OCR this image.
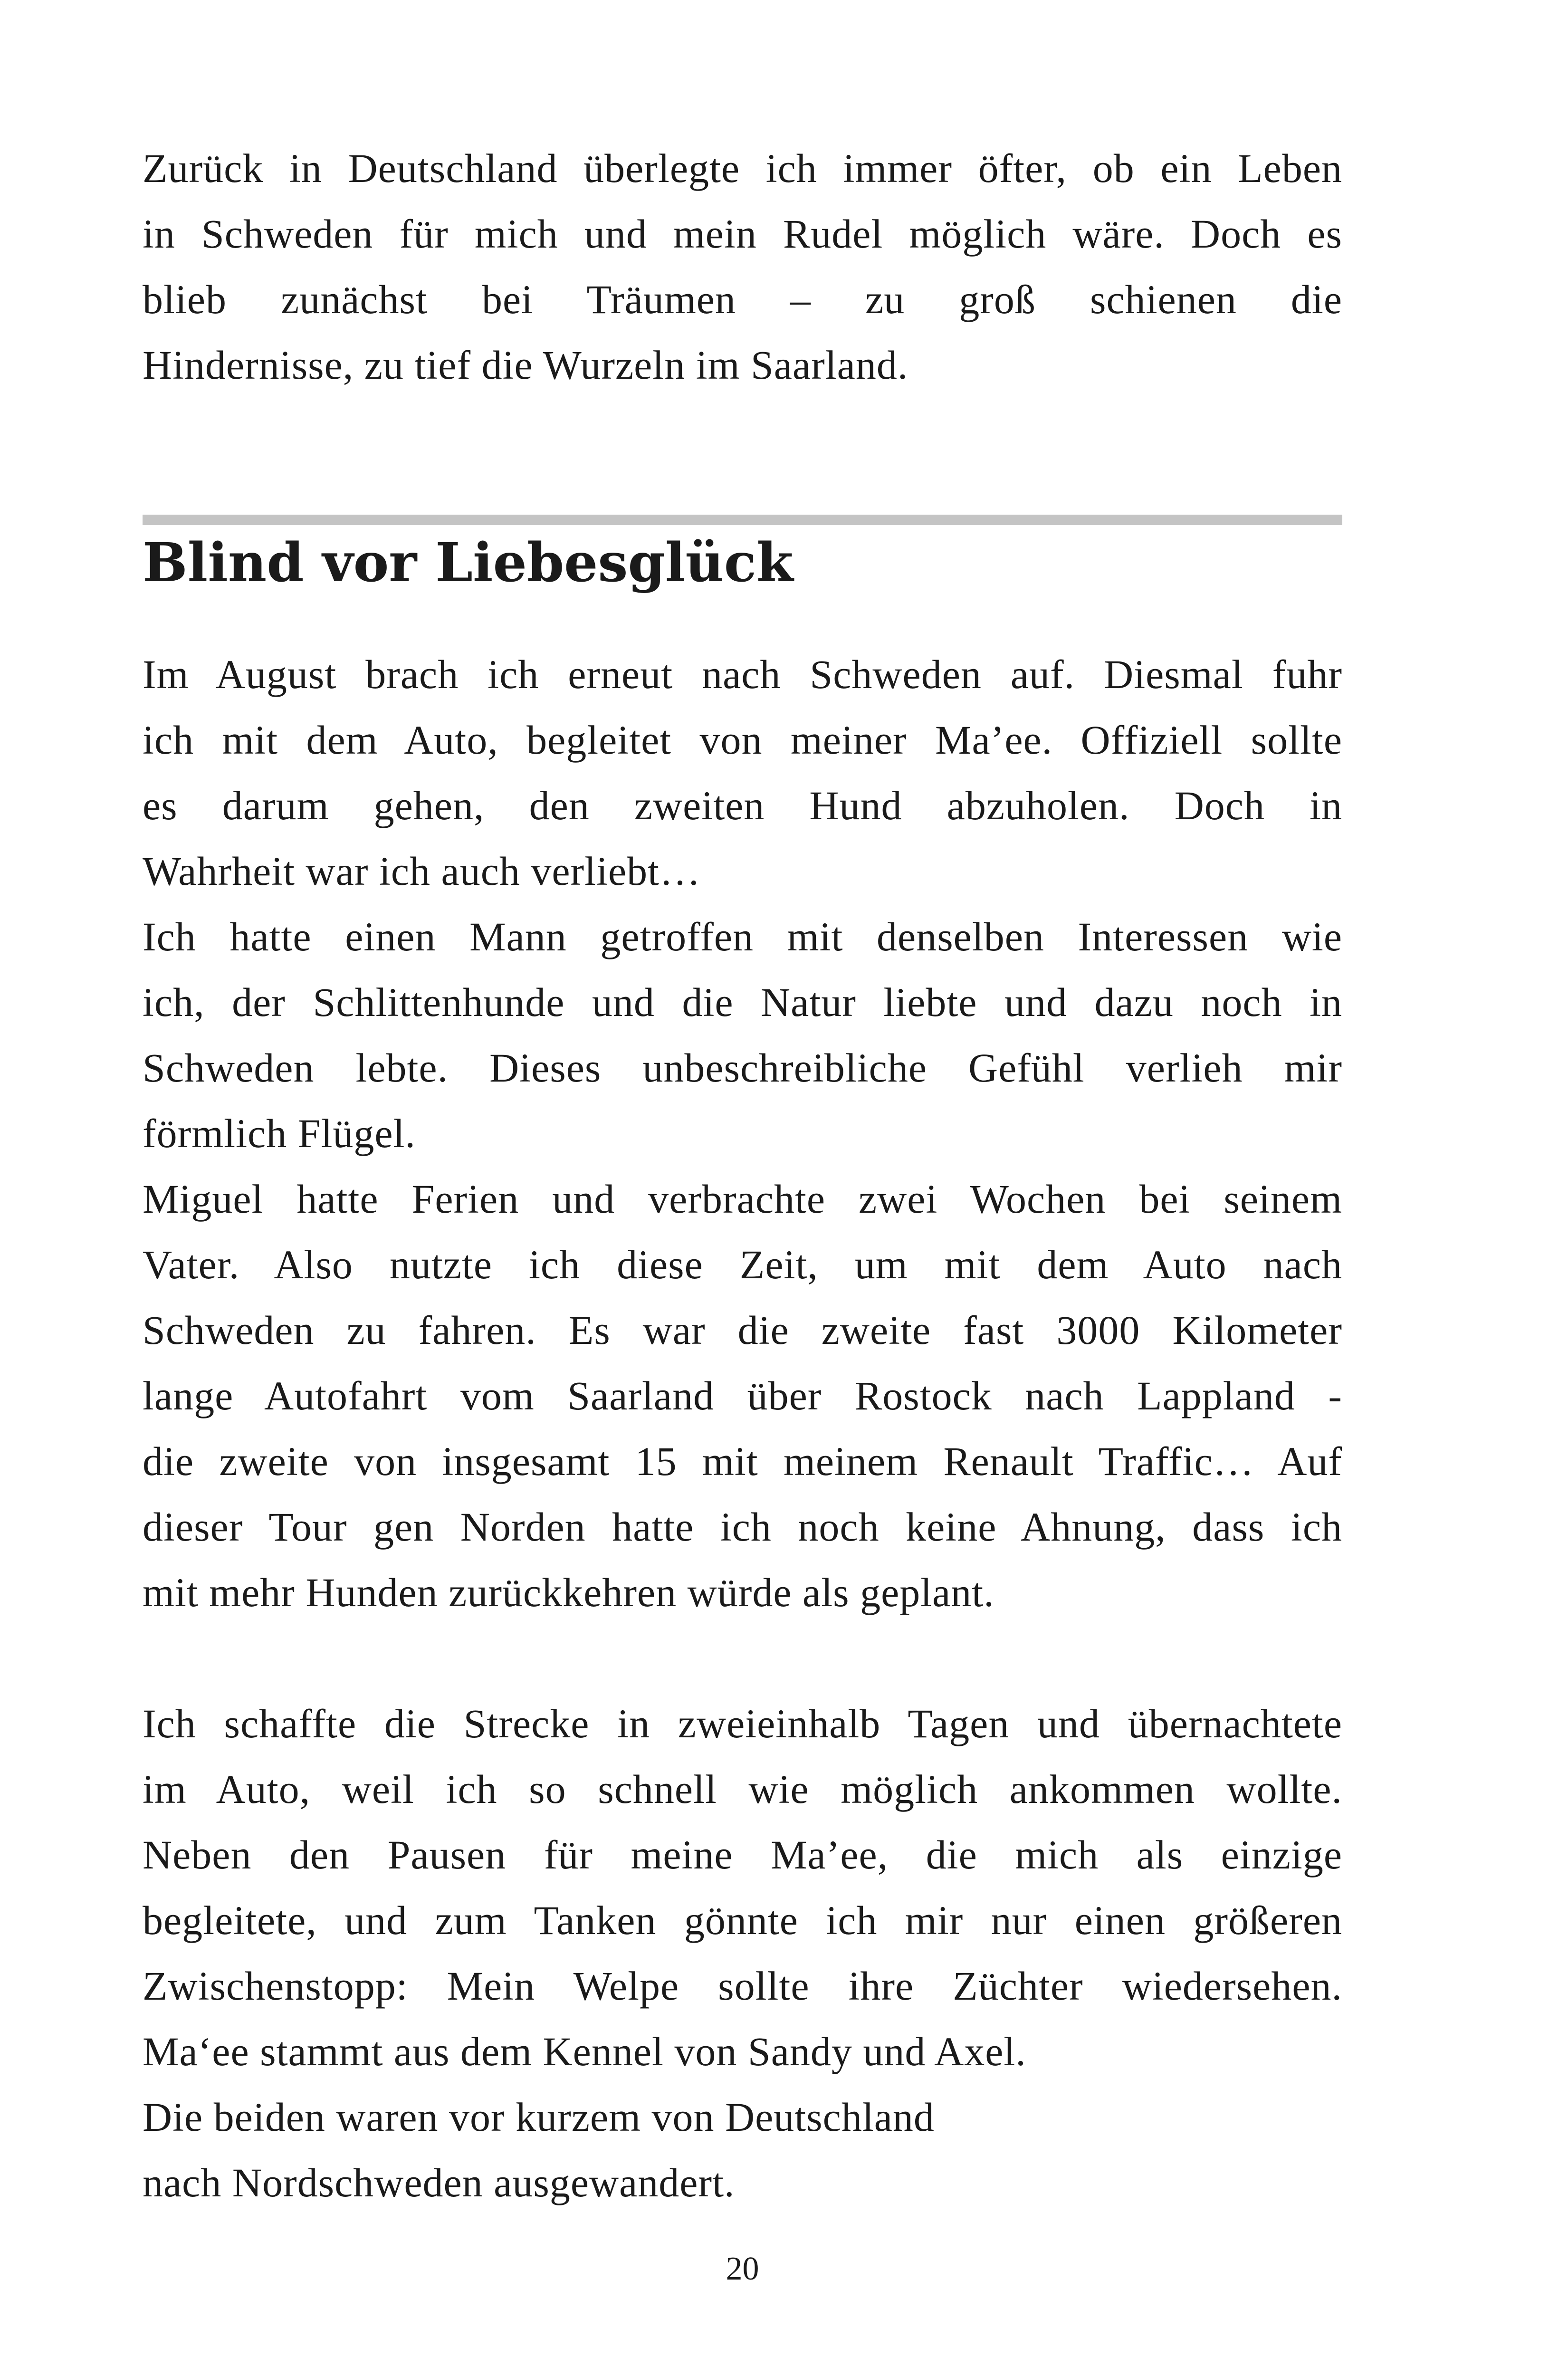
Zurück in Deutschland überlegte ich immer öfter, ob ein Leben
in Schweden für mich und mein Rudel möglich wäre. Doch es
blieb zunächst bei Träumen – zu groß schienen die
Hindernisse, zu tief die Wurzeln im Saarland.
Blind vor Liebesglück
Im August brach ich erneut nach Schweden auf. Diesmal fuhr
ich mit dem Auto, begleitet von meiner Ma’ee. Offiziell sollte
es darum gehen, den zweiten Hund abzuholen. Doch in
Wahrheit war ich auch verliebt…
Ich hatte einen Mann getroffen mit denselben Interessen wie
ich, der Schlittenhunde und die Natur liebte und dazu noch in
Schweden lebte. Dieses unbeschreibliche Gefühl verlieh mir
förmlich Flügel.
Miguel hatte Ferien und verbrachte zwei Wochen bei seinem
Vater. Also nutzte ich diese Zeit, um mit dem Auto nach
Schweden zu fahren. Es war die zweite fast 3000 Kilometer
lange Autofahrt vom Saarland über Rostock nach Lappland -
die zweite von insgesamt 15 mit meinem Renault Traffic… Auf
dieser Tour gen Norden hatte ich noch keine Ahnung, dass ich
mit mehr Hunden zurückkehren würde als geplant.
Ich schaffte die Strecke in zweieinhalb Tagen und übernachtete
im Auto, weil ich so schnell wie möglich ankommen wollte.
Neben den Pausen für meine Ma’ee, die mich als einzige
begleitete, und zum Tanken gönnte ich mir nur einen größeren
Zwischenstopp: Mein Welpe sollte ihre Züchter wiedersehen.
Ma‘ee stammt aus dem Kennel von Sandy und Axel.
Die beiden waren vor kurzem von Deutschland
nach Nordschweden ausgewandert.
20
